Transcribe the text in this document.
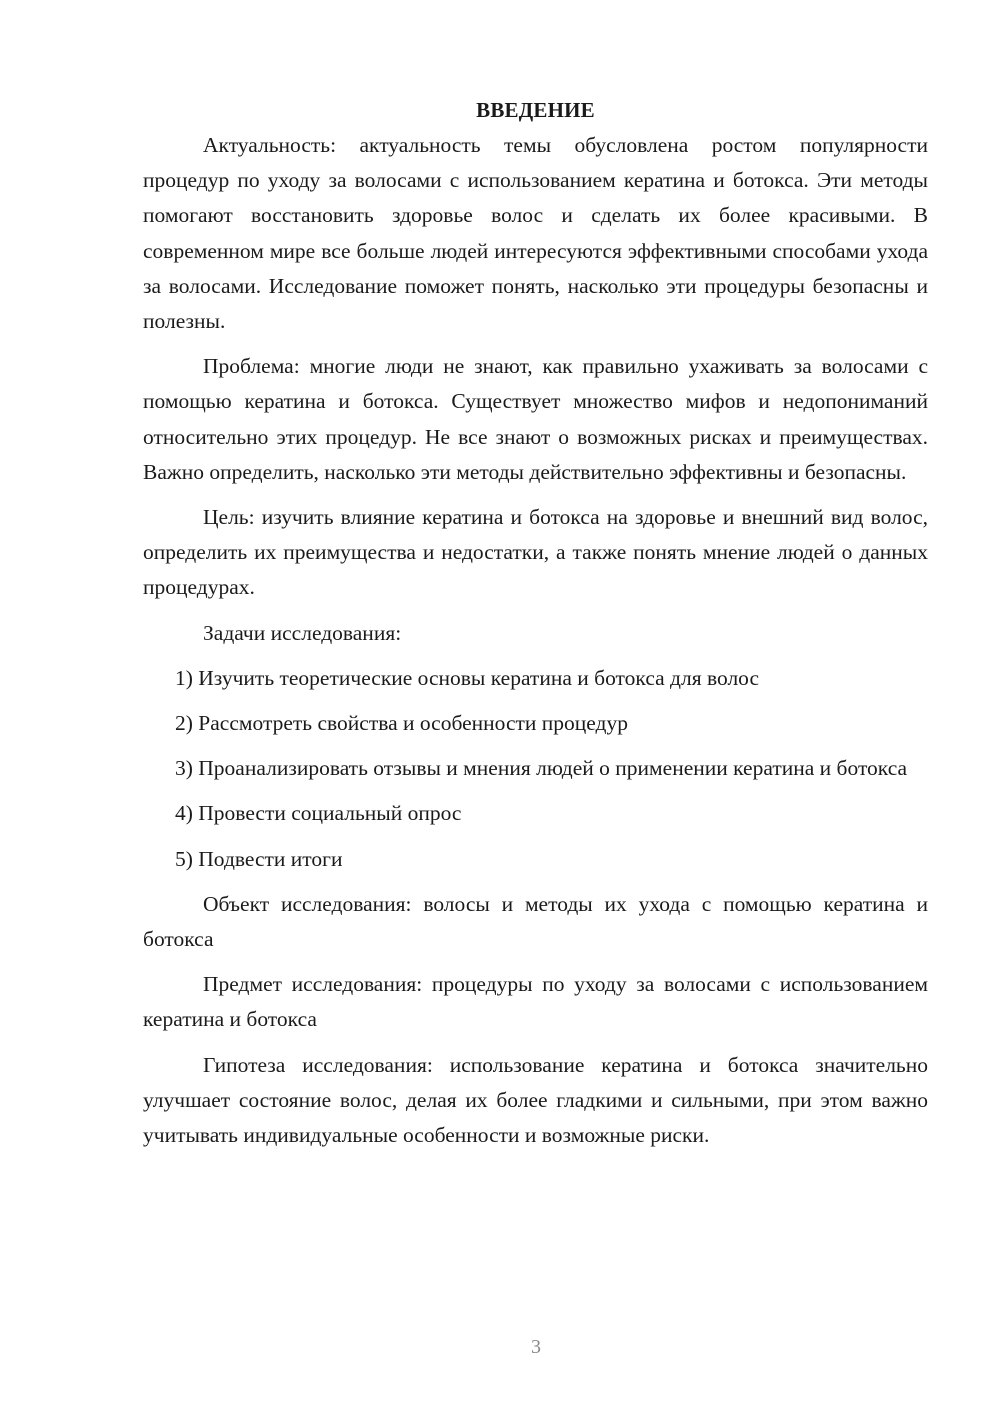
ВВЕДЕНИЕ

Актуальность: актуальность темы обусловлена ростом популярности процедур по уходу за волосами с использованием кератина и ботокса. Эти методы помогают восстановить здоровье волос и сделать их более красивыми. В современном мире все больше людей интересуются эффективными способами ухода за волосами. Исследование поможет понять, насколько эти процедуры безопасны и полезны.

Проблема: многие люди не знают, как правильно ухаживать за волосами с помощью кератина и ботокса. Существует множество мифов и недопониманий относительно этих процедур. Не все знают о возможных рисках и преимуществах. Важно определить, насколько эти методы действительно эффективны и безопасны.

Цель: изучить влияние кератина и ботокса на здоровье и внешний вид волос, определить их преимущества и недостатки, а также понять мнение людей о данных процедурах.

Задачи исследования:

1) Изучить теоретические основы кератина и ботокса для волос

2) Рассмотреть свойства и особенности процедур

3) Проанализировать отзывы и мнения людей о применении кератина и ботокса

4) Провести социальный опрос

5) Подвести итоги

Объект исследования: волосы и методы их ухода с помощью кератина и ботокса

Предмет исследования: процедуры по уходу за волосами с использованием кератина и ботокса

Гипотеза исследования: использование кератина и ботокса значительно улучшает состояние волос, делая их более гладкими и сильными, при этом важно учитывать индивидуальные особенности и возможные риски.

3
